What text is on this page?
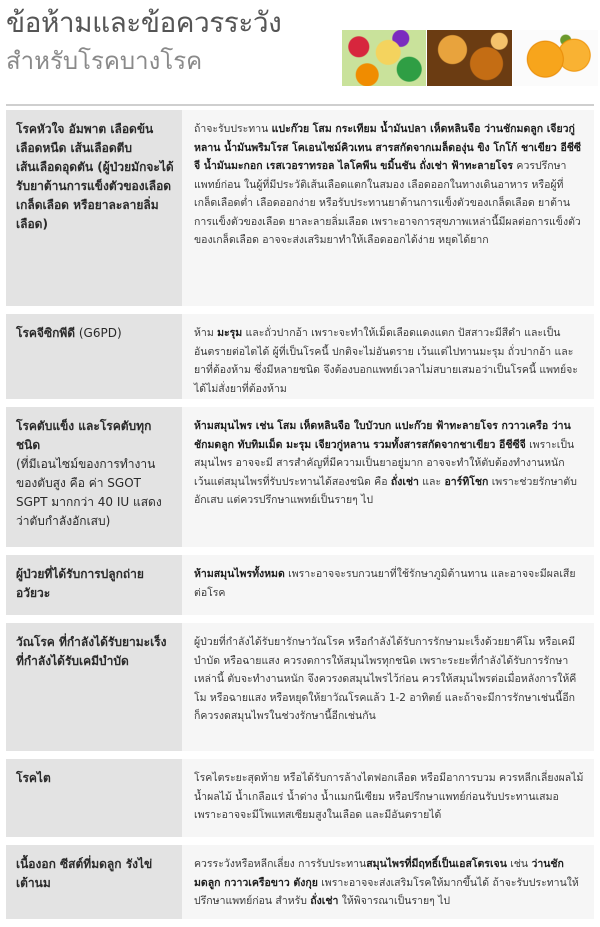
ข้อห้ามและข้อควรระวัง
สำหรับโรคบางโรค
โรคหัวใจ อัมพาต เลือดข้น เลือดหนืด เส้นเลือดตีบ เส้นเลือดอุดตัน (ผู้ป่วยมักจะได้รับยาต้านการแข็งตัวของเลือด เกล็ดเลือด หรือยาละลายลิ่มเลือด)
ถ้าจะรับประทาน แปะก๊วย โสม กระเทียม น้ำมันปลา เห็ดหลินจือ ว่านชักมดลูก เจียวกู่หลาน น้ำมันพริมโรส โคเอนไซม์คิวเทน สารสกัดจากเมล็ดองุ่น ขิง โกโก้ ชาเขียว อีชีซีจี น้ำมันมะกอก เรสเวอราทรอล ไลโคพีน ขมิ้นชัน ถั่งเช่า ฟ้าทะลายโจร ควรปรึกษาแพทย์ก่อน ในผู้ที่มีประวัติเส้นเลือดแตกในสมอง เลือดออกในทางเดินอาหาร หรือผู้ที่เกล็ดเลือดต่ำ เลือดออกง่าย หรือรับประทานยาต้านการแข็งตัวของเกล็ดเลือด ยาต้านการแข็งตัวของเลือด ยาละลายลิ่มเลือด เพราะอาจการสุขภาพเหล่านี้มีผลต่อการแข็งตัวของเกล็ดเลือด อาจจะส่งเสริมยาทำให้เลือดออกได้ง่าย หยุดได้ยาก
โรคจีซิกพีดี (G6PD)	ห้าม มะรุม และถั่วปากอ้า เพราะจะทำให้เม็ดเลือดแดงแตก ปัสสาวะมีสีดำ และเป็นอันตรายต่อไตได้ ผู้ที่เป็นโรคนี้ ปกติจะไม่อันตราย เว้นแต่ไปทานมะรุม ถั่วปากอ้า และยาที่ต้องห้าม ซึ่งมีหลายชนิด จึงต้องบอกแพทย์เวลาไม่สบายเสมอว่าเป็นโรคนี้ แพทย์จะได้ไม่สั่งยาที่ต้องห้าม
โรคตับแข็ง และโรคตับทุกชนิด
(ที่มีเอนไซม์ของการทำงานของตับสูง คือ ค่า SGOT SGPT มากกว่า 40 IU แสดงว่าตับกำลังอักเสบ)
ห้ามสมุนไพร เช่น โสม เห็ดหลินจือ ใบบัวบก แปะก๊วย ฟ้าทะลายโจร กวาวเครือ ว่านชักมดลูก ทับทิมเม็ด มะรุม เจียวกู่หลาน รวมทั้งสารสกัดจากชาเขียว อีชีซีจี เพราะเป็นสมุนไพร อาจจะมี สารสำคัญที่มีความเป็นยาอยู่มาก อาจจะทำให้ตับต้องทำงานหนัก เว้นแต่สมุนไพรที่รับประทานได้สองชนิด คือ ถั่งเช่า และ อาร์ทิโชก เพราะช่วยรักษาตับอักเสบ แต่ควรปรึกษาแพทย์เป็นรายๆ ไป
ผู้ป่วยที่ได้รับการปลูกถ่ายอวัยวะ
ห้ามสมุนไพรทั้งหมด เพราะอาจจะรบกวนยาที่ใช้รักษาภูมิต้านทาน และอาจจะมีผลเสียต่อโรค
วัณโรค ที่กำลังได้รับยามะเร็ง ที่กำลังได้รับเคมีบำบัด
ผู้ป่วยที่กำลังได้รับยารักษาวัณโรค หรือกำลังได้รับการรักษามะเร็งด้วยยาคีโม หรือเคมีบำบัด หรือฉายแสง ควรงดการให้สมุนไพรทุกชนิด เพราะระยะที่กำลังได้รับการรักษาเหล่านี้ ตับจะทำงานหนัก จึงควรงดสมุนไพรไว้ก่อน ควรให้สมุนไพรต่อเมื่อหลังการให้คีโม หรือฉายแสง หรือหยุดให้ยาวัณโรคแล้ว 1-2 อาทิตย์ และถ้าจะมีการรักษาเช่นนี้อีก ก็ควรงดสมุนไพรในช่วงรักษานี้อีกเช่นกัน
โรคไต	โรคไตระยะสุดท้าย หรือได้รับการล้างไตฟอกเลือด หรือมีอาการบวม ควรหลีกเลี่ยงผลไม้ น้ำผลไม้ น้ำเกลือแร่ น้ำด่าง น้ำแมกนีเซียม หรือปรึกษาแพทย์ก่อนรับประทานเสมอ เพราะอาจจะมีโพแทสเซียมสูงในเลือด และมีอันตรายได้
เนื้องอก ซีสต์ที่มดลูก รังไข่ เต้านม
ควรระวังหรือหลีกเลี่ยง การรับประทานสมุนไพรที่มีฤทธิ์เป็นเอสโตรเจน เช่น ว่านชักมดลูก กวาวเครือขาว ตังกุย เพราะอาจจะส่งเสริมโรคให้มากขึ้นได้ ถ้าจะรับประทานให้ปรึกษาแพทย์ก่อน สำหรับ ถั่งเช่า ให้พิจารณาเป็นรายๆ ไป
